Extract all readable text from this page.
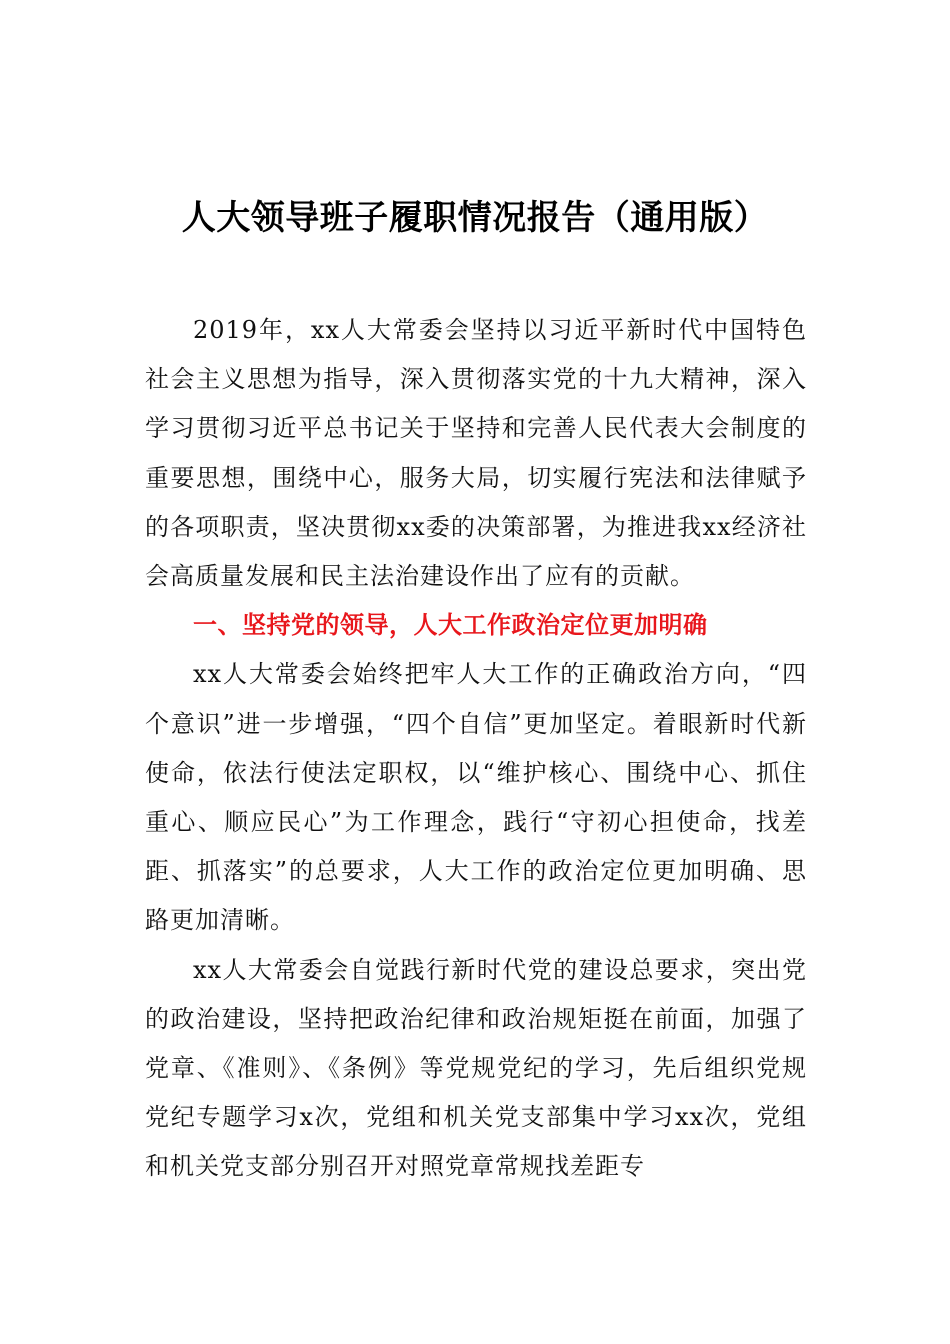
人大领导班子履职情况报告（通用版）

2019年，xx人大常委会坚持以习近平新时代中国特色社会主义思想为指导，深入贯彻落实党的十九大精神，深入学习贯彻习近平总书记关于坚持和完善人民代表大会制度的重要思想，围绕中心，服务大局，切实履行宪法和法律赋予的各项职责，坚决贯彻xx委的决策部署，为推进我xx经济社会高质量发展和民主法治建设作出了应有的贡献。

一、坚持党的领导，人大工作政治定位更加明确

xx人大常委会始终把牢人大工作的正确政治方向，“四个意识”进一步增强，“四个自信”更加坚定。着眼新时代新使命，依法行使法定职权，以“维护核心、围绕中心、抓住重心、顺应民心”为工作理念，践行“守初心担使命，找差距、抓落实”的总要求，人大工作的政治定位更加明确、思路更加清晰。

xx人大常委会自觉践行新时代党的建设总要求，突出党的政治建设，坚持把政治纪律和政治规矩挺在前面，加强了党章、《准则》、《条例》等党规党纪的学习，先后组织党规党纪专题学习x次，党组和机关党支部集中学习xx次，党组和机关党支部分别召开对照党章常规找差距专
